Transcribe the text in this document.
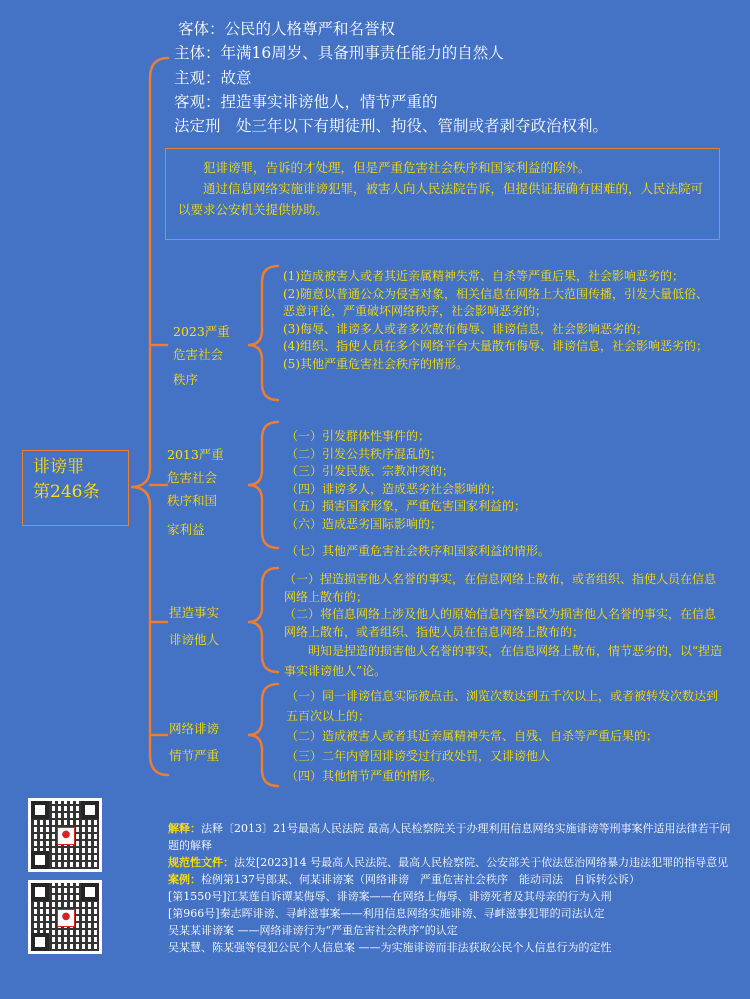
客体：公民的人格尊严和名誉权
主体：年满16周岁、具备刑事责任能力的自然人
主观：故意
客观：捏造事实诽谤他人，情节严重的
法定刑　处三年以下有期徒刑、拘役、管制或者剥夺政治权利。

犯诽谤罪，告诉的才处理，但是严重危害社会秩序和国家利益的除外。

通过信息网络实施诽谤犯罪，被害人向人民法院告诉，但提供证据确有困难的，人民法院可以要求公安机关提供协助。

诽谤罪
第246条
2023严重
危害社会
秩序
(1)造成被害人或者其近亲属精神失常、自杀等严重后果，社会影响恶劣的；
(2)随意以普通公众为侵害对象，相关信息在网络上大范围传播，引发大量低俗、　恶意评论，严重破坏网络秩序，社会影响恶劣的；
(3)侮辱、诽谤多人或者多次散布侮辱、诽谤信息，社会影响恶劣的；
(4)组织、指使人员在多个网络平台大量散布侮辱、诽谤信息，社会影响恶劣的；
(5)其他严重危害社会秩序的情形。
2013严重
危害社会
秩序和国
家利益
（一）引发群体性事件的；
（二）引发公共秩序混乱的；
（三）引发民族、宗教冲突的；
（四）诽谤多人，造成恶劣社会影响的；
（五）损害国家形象，严重危害国家利益的；
（六）造成恶劣国际影响的；
（七）其他严重危害社会秩序和国家利益的情形。
捏造事实
诽谤他人
（一）捏造损害他人名誉的事实，在信息网络上散布，或者组织、指使人员在信息网络上散布的；
（二）将信息网络上涉及他人的原始信息内容篡改为损害他人名誉的事实，在信息网络上散布，或者组织、指使人员在信息网络上散布的；
　　明知是捏造的损害他人名誉的事实，在信息网络上散布，情节恶劣的，以“捏造事实诽谤他人”论。
网络诽谤
情节严重
（一）同一诽谤信息实际被点击、浏览次数达到五千次以上，或者被转发次数达到五百次以上的；
（二）造成被害人或者其近亲属精神失常、自残、自杀等严重后果的；
（三）二年内曾因诽谤受过行政处罚，又诽谤他人
（四）其他情节严重的情形。
●
●
解释：法释〔2013〕21号最高人民法院 最高人民检察院关于办理利用信息网络实施诽谤等刑事案件适用法律若干问题的解释
规范性文件：法发[2023]14 号最高人民法院、最高人民检察院、公安部关于依法惩治网络暴力违法犯罪的指导意见
案例：检例第137号郎某、何某诽谤案（网络诽谤　严重危害社会秩序　能动司法　自诉转公诉）
[第1550号]江某莲自诉谭某侮辱、诽谤案——在网络上侮辱、诽谤死者及其母亲的行为入刑
[第966号]秦志晖诽谤、寻衅滋事案——利用信息网络实施诽谤、寻衅滋事犯罪的司法认定
吴某某诽谤案 ——网络诽谤行为“严重危害社会秩序”的认定
吴某慧、陈某强等侵犯公民个人信息案 ——为实施诽谤而非法获取公民个人信息行为的定性
